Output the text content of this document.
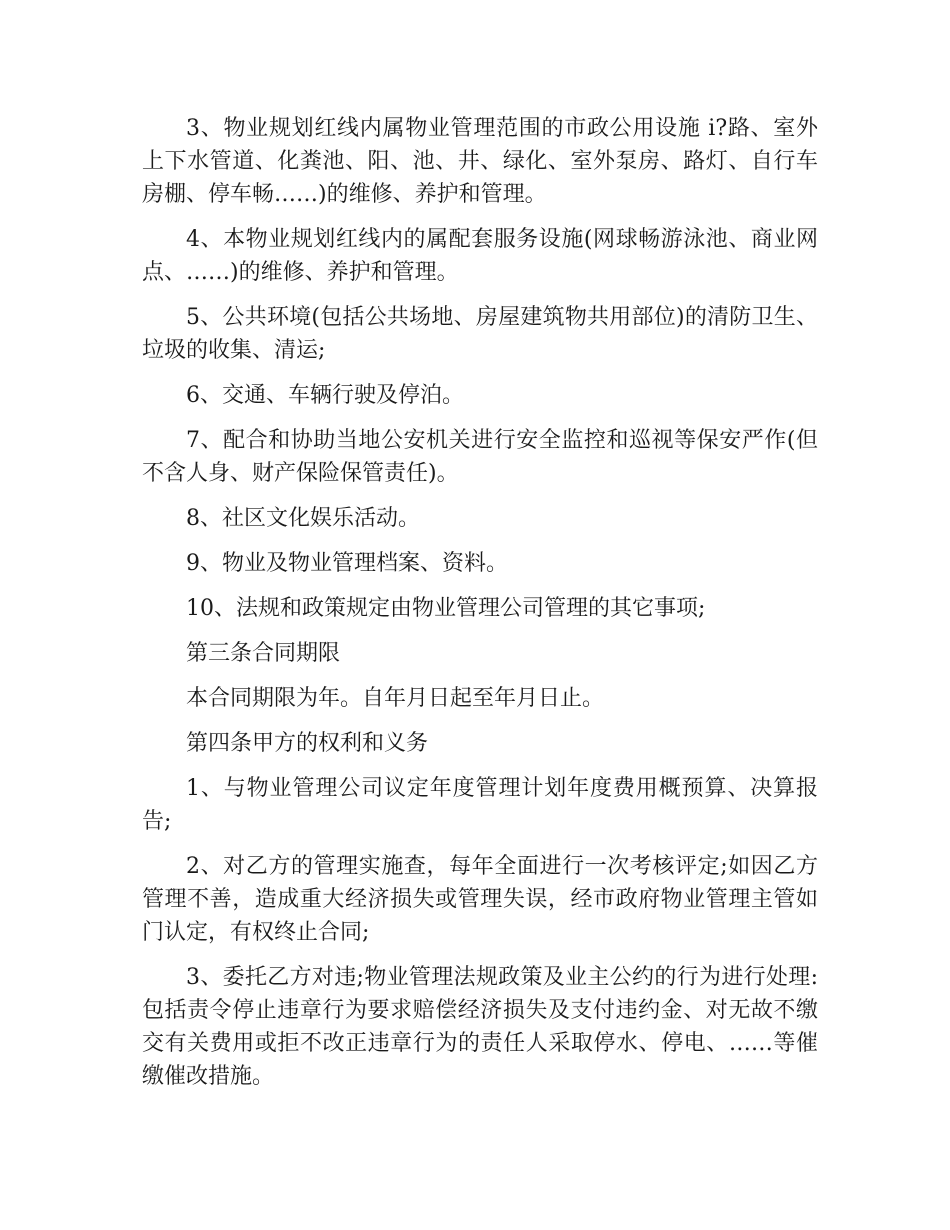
3、物业规划红线内属物业管理范围的市政公用设施 i?路、室外上下水管道、化粪池、阳、池、井、绿化、室外泵房、路灯、自行车房棚、停车畅……)的维修、养护和管理。

4、本物业规划红线内的属配套服务设施(网球畅游泳池、商业网点、……)的维修、养护和管理。

5、公共环境(包括公共场地、房屋建筑物共用部位)的清防卫生、垃圾的收集、清运;

6、交通、车辆行驶及停泊。

7、配合和协助当地公安机关进行安全监控和巡视等保安严作(但不含人身、财产保险保管责任)。

8、社区文化娱乐活动。

9、物业及物业管理档案、资料。

10、法规和政策规定由物业管理公司管理的其它事项;

第三条合同期限

本合同期限为年。自年月日起至年月日止。

第四条甲方的权利和义务

1、与物业管理公司议定年度管理计划年度费用概预算、决算报告;

2、对乙方的管理实施查，每年全面进行一次考核评定;如因乙方管理不善，造成重大经济损失或管理失误，经市政府物业管理主管如门认定，有权终止合同;

3、委托乙方对违;物业管理法规政策及业主公约的行为进行处理:包括责令停止违章行为要求赔偿经济损失及支付违约金、对无故不缴交有关费用或拒不改正违章行为的责任人采取停水、停电、……等催缴催改措施。
